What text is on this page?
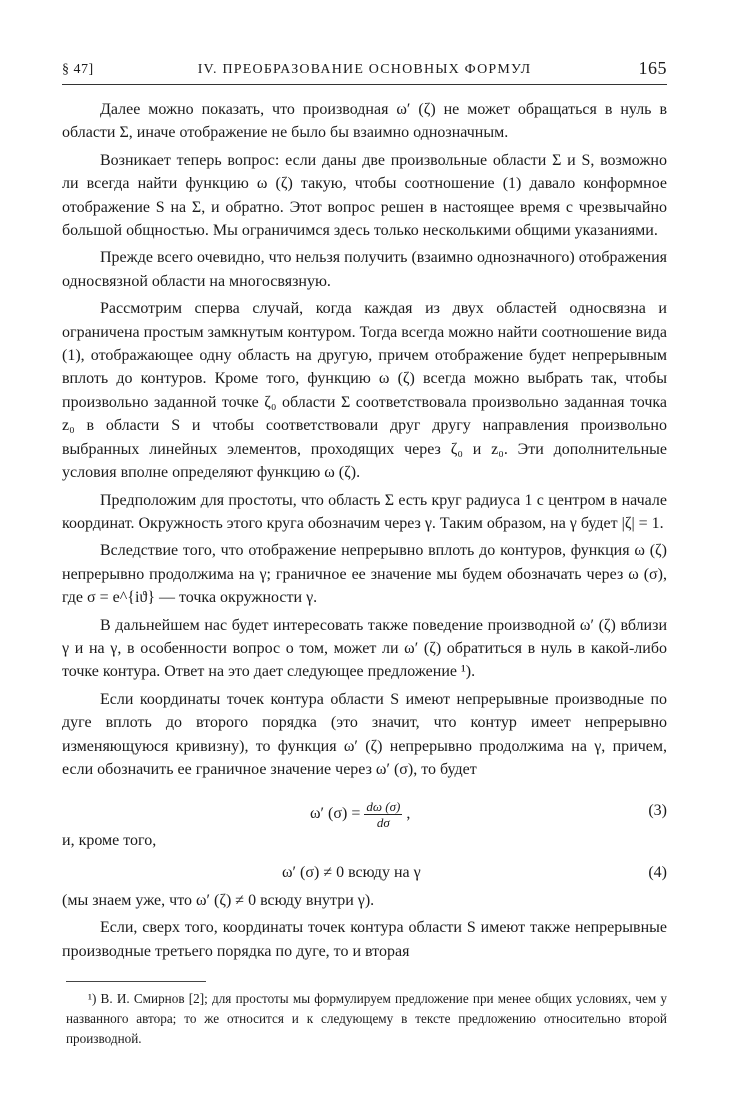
§ 47]	IV. ПРЕОБРАЗОВАНИЕ ОСНОВНЫХ ФОРМУЛ	165

Далее можно показать, что производная ω′ (ζ) не может обращаться в нуль в области Σ, иначе отображение не было бы взаимно однозначным.

Возникает теперь вопрос: если даны две произвольные области Σ и S, возможно ли всегда найти функцию ω (ζ) такую, чтобы соотношение (1) давало конформное отображение S на Σ, и обратно. Этот вопрос решен в настоящее время с чрезвычайно большой общностью. Мы ограничимся здесь только несколькими общими указаниями.

Прежде всего очевидно, что нельзя получить (взаимно однозначного) отображения односвязной области на многосвязную.

Рассмотрим сперва случай, когда каждая из двух областей односвязна и ограничена простым замкнутым контуром. Тогда всегда можно найти соотношение вида (1), отображающее одну область на другую, причем отображение будет непрерывным вплоть до контуров. Кроме того, функцию ω (ζ) всегда можно выбрать так, чтобы произвольно заданной точке ζ₀ области Σ соответствовала произвольно заданная точка z₀ в области S и чтобы соответствовали друг другу направления произвольно выбранных линейных элементов, проходящих через ζ₀ и z₀. Эти дополнительные условия вполне определяют функцию ω (ζ).

Предположим для простоты, что область Σ есть круг радиуса 1 с центром в начале координат. Окружность этого круга обозначим через γ. Таким образом, на γ будет |ζ| = 1.

Вследствие того, что отображение непрерывно вплоть до контуров, функция ω (ζ) непрерывно продолжима на γ; граничное ее значение мы будем обозначать через ω (σ), где σ = e^{iϑ} — точка окружности γ.

В дальнейшем нас будет интересовать также поведение производной ω′ (ζ) вблизи γ и на γ, в особенности вопрос о том, может ли ω′ (ζ) обратиться в нуль в какой-либо точке контура. Ответ на это дает следующее предложение ¹).

Если координаты точек контура области S имеют непрерывные производные по дуге вплоть до второго порядка (это значит, что контур имеет непрерывно изменяющуюся кривизну), то функция ω′ (ζ) непрерывно продолжима на γ, причем, если обозначить ее граничное значение через ω′ (σ), то будет

ω′ $(\sigma) = \frac{d\omega (\sigma)}{d\sigma}$ ,	(3)

и, кроме того,

ω′ (σ) ≠ 0 всюду на γ	(4)

(мы знаем уже, что ω′ (ζ) ≠ 0 всюду внутри γ).

Если, сверх того, координаты точек контура области S имеют также непрерывные производные третьего порядка по дуге, то и вторая

¹) В. И. Смирнов [2]; для простоты мы формулируем предложение при менее общих условиях, чем у названного автора; то же относится и к следующему в тексте предложению относительно второй производной.
